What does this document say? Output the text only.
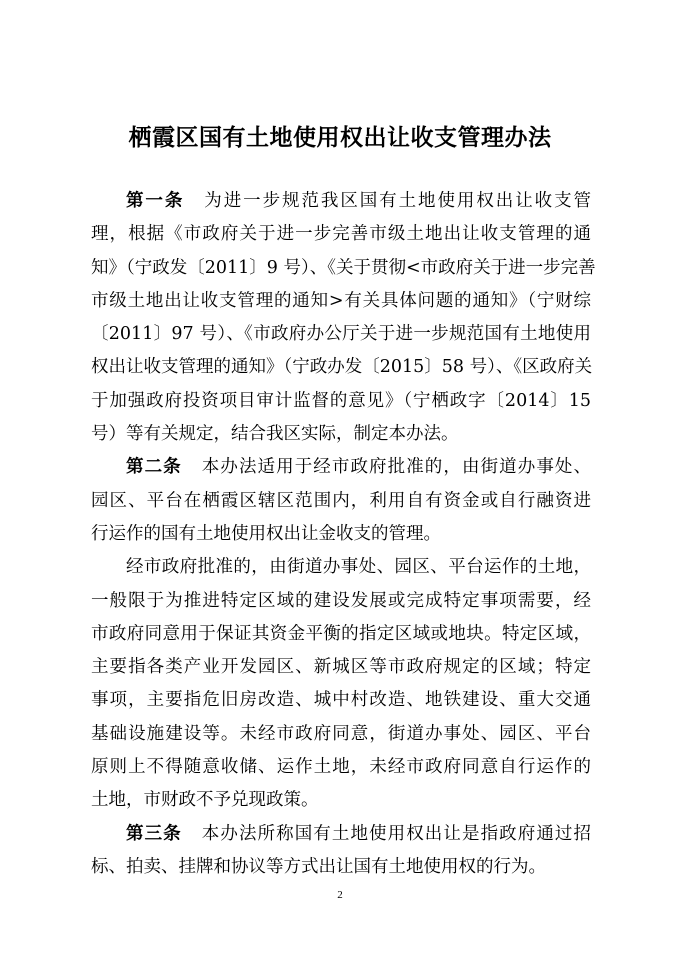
栖霞区国有土地使用权出让收支管理办法
第一条 为进一步规范我区国有土地使用权出让收支管
理，根据《市政府关于进一步完善市级土地出让收支管理的通
知》（宁政发〔2011〕9 号）、《关于贯彻<市政府关于进一步完善
市级土地出让收支管理的通知>有关具体问题的通知》（宁财综
〔2011〕97 号）、《市政府办公厅关于进一步规范国有土地使用
权出让收支管理的通知》（宁政办发〔2015〕58 号）、《区政府关
于加强政府投资项目审计监督的意见》（宁栖政字〔2014〕15
号）等有关规定，结合我区实际，制定本办法。
第二条 本办法适用于经市政府批准的，由街道办事处、
园区、平台在栖霞区辖区范围内，利用自有资金或自行融资进
行运作的国有土地使用权出让金收支的管理。
经市政府批准的，由街道办事处、园区、平台运作的土地，
一般限于为推进特定区域的建设发展或完成特定事项需要，经
市政府同意用于保证其资金平衡的指定区域或地块。特定区域，
主要指各类产业开发园区、新城区等市政府规定的区域；特定
事项，主要指危旧房改造、城中村改造、地铁建设、重大交通
基础设施建设等。未经市政府同意，街道办事处、园区、平台
原则上不得随意收储、运作土地，未经市政府同意自行运作的
土地，市财政不予兑现政策。
第三条 本办法所称国有土地使用权出让是指政府通过招
标、拍卖、挂牌和协议等方式出让国有土地使用权的行为。
2
